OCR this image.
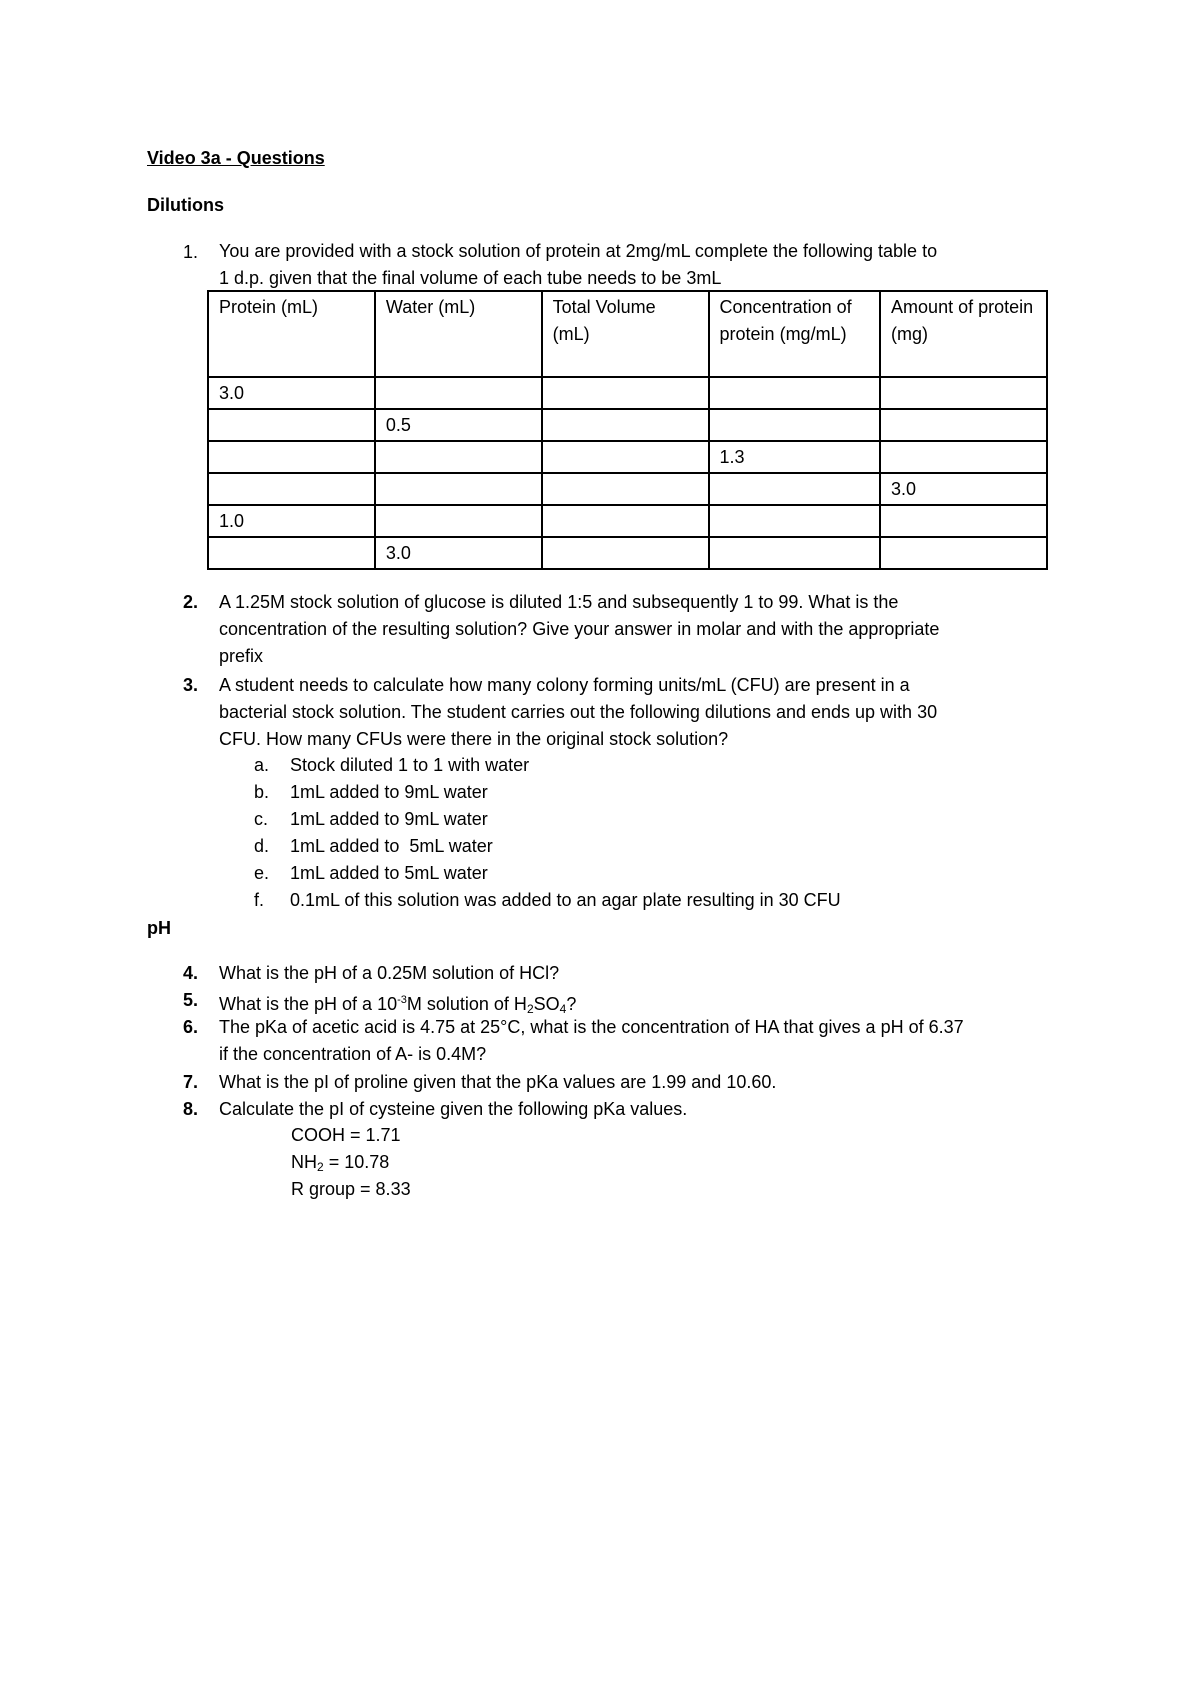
Video 3a - Questions
Dilutions
1. You are provided with a stock solution of protein at 2mg/mL complete the following table to
1 d.p. given that the final volume of each tube needs to be 3mL
Protein (mL)	Water (mL)	Total Volume (mL)	Concentration of protein (mg/mL)	Amount of protein (mg)
3.0				
	0.5			
			1.3	
				3.0
1.0				
	3.0			
2. A 1.25M stock solution of glucose is diluted 1:5 and subsequently 1 to 99. What is the
concentration of the resulting solution? Give your answer in molar and with the appropriate
prefix
3. A student needs to calculate how many colony forming units/mL (CFU) are present in a
bacterial stock solution. The student carries out the following dilutions and ends up with 30
CFU. How many CFUs were there in the original stock solution?
a. Stock diluted 1 to 1 with water
b. 1mL added to 9mL water
c. 1mL added to 9mL water
d. 1mL added to  5mL water
e. 1mL added to 5mL water
f. 0.1mL of this solution was added to an agar plate resulting in 30 CFU
pH
4. What is the pH of a 0.25M solution of HCl?
5. What is the pH of a $10^{-3}M$ solution of H2SO4?
6. The pKa of acetic acid is 4.75 at 25°C, what is the concentration of HA that gives a pH of 6.37
if the concentration of A- is 0.4M?
7. What is the pI of proline given that the pKa values are 1.99 and 10.60.
8. Calculate the pI of cysteine given the following pKa values.
COOH = 1.71
NH2 = 10.78
R group = 8.33
